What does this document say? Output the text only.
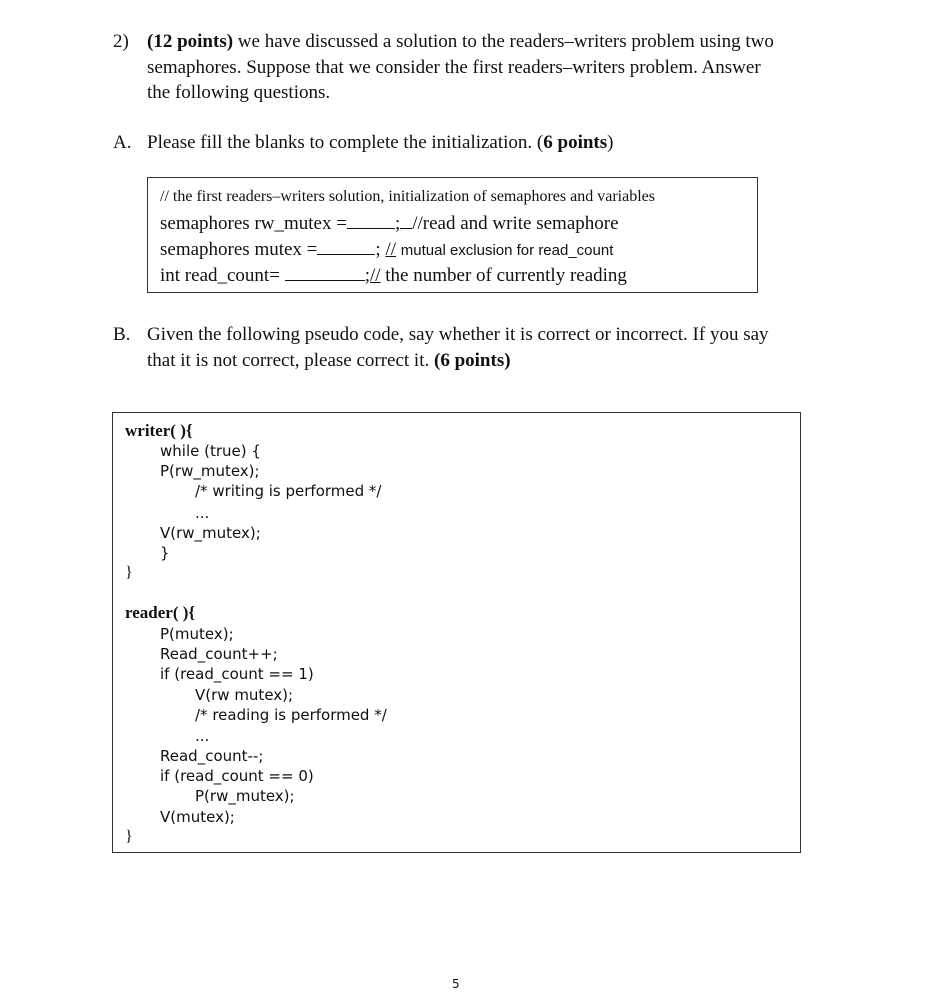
2) (12 points) we have discussed a solution to the readers–writers problem using two
semaphores. Suppose that we consider the first readers–writers problem. Answer
the following questions.
A. Please fill the blanks to complete the initialization. (6 points)
// the first readers–writers solution, initialization of semaphores and variables
semaphores rw_mutex =	; //read and write semaphore
semaphores mutex =	; // mutual exclusion for read_count
int read_count=	;// the number of currently reading
B. Given the following pseudo code, say whether it is correct or incorrect. If you say
that it is not correct, please correct it. (6 points)
writer( ){
while (true) {
P(rw_mutex);
/* writing is performed */
...
V(rw_mutex);
}
}
reader( ){
P(mutex);
Read_count++;
if (read_count == 1)
V(rw mutex);
/* reading is performed */
...
Read_count--;
if (read_count == 0)
P(rw_mutex);
V(mutex);
}
5
